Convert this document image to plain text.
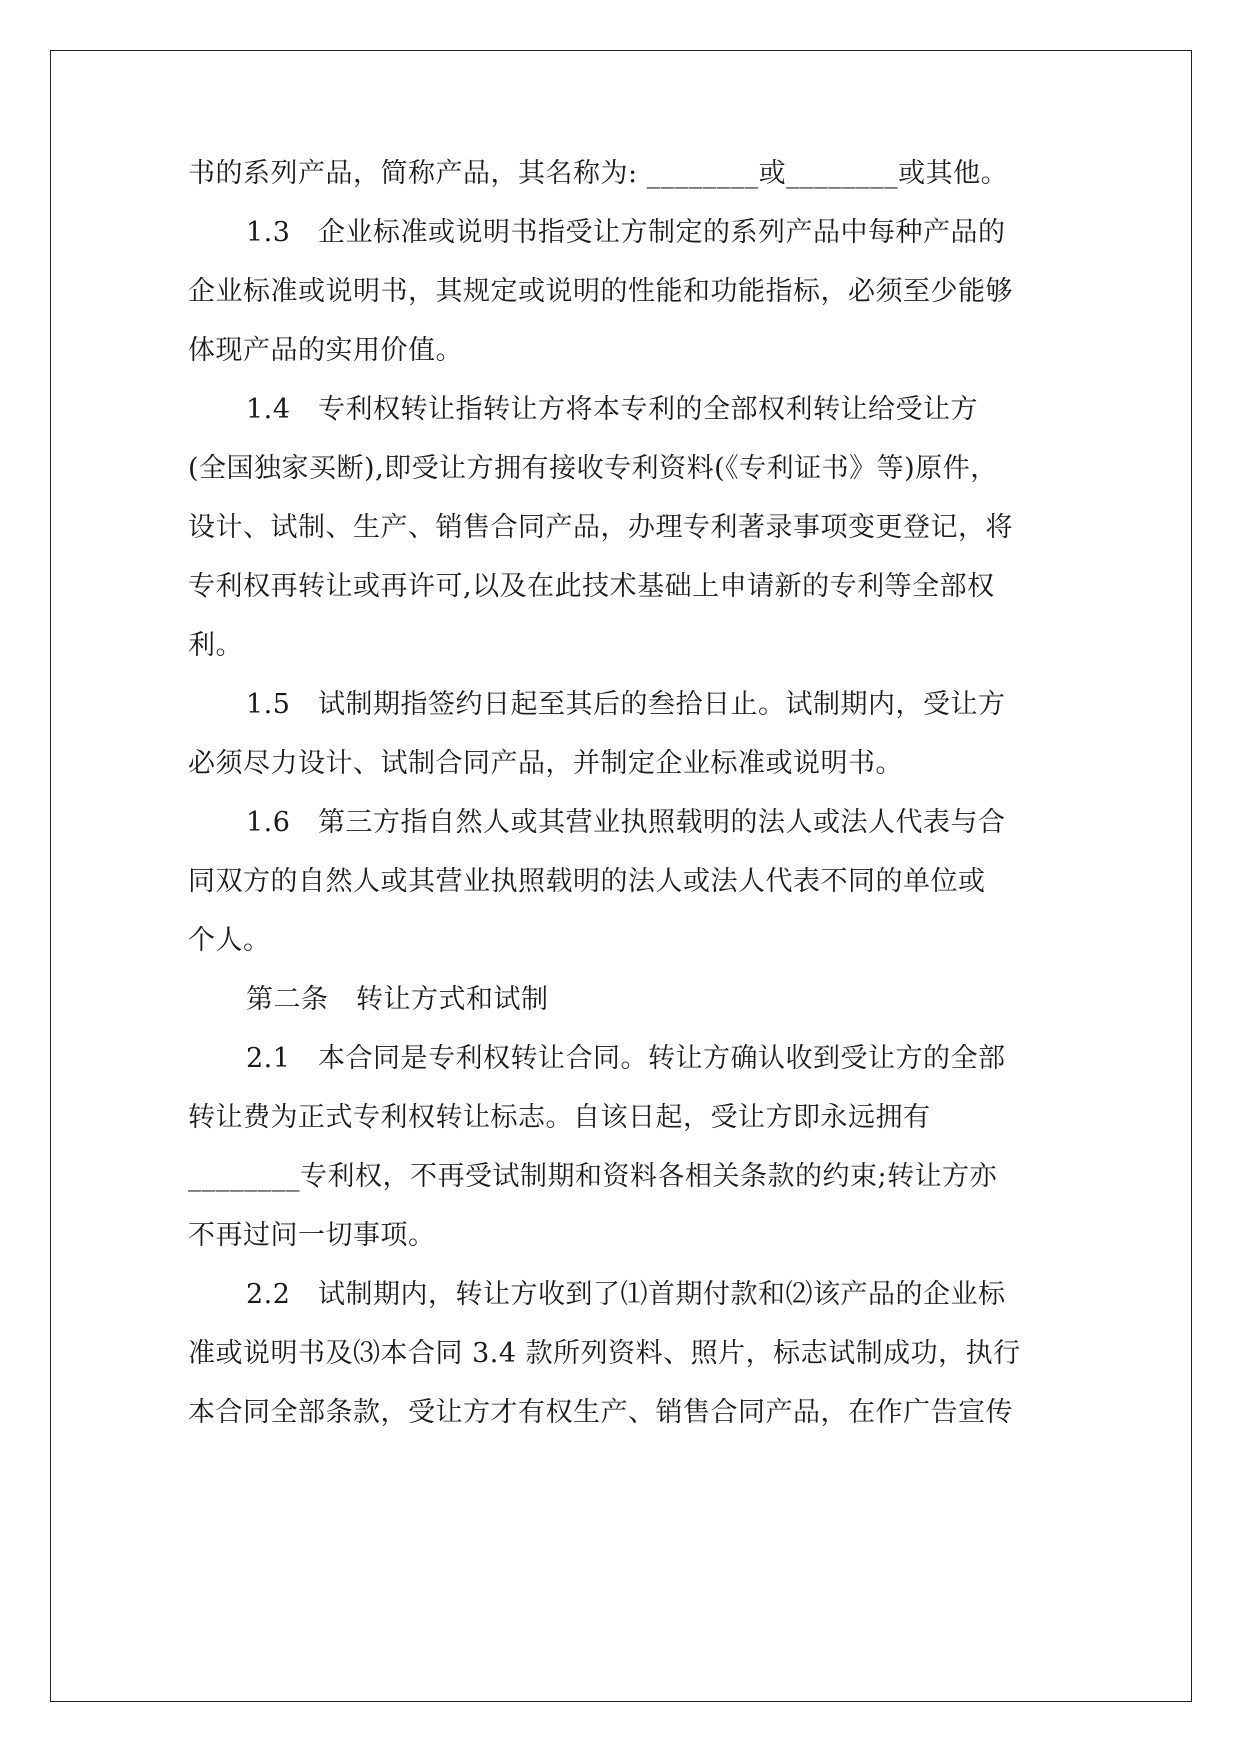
书的系列产品，简称产品，其名称为: ________或________或其他。
1.3　企业标准或说明书指受让方制定的系列产品中每种产品的
企业标准或说明书，其规定或说明的性能和功能指标，必须至少能够
体现产品的实用价值。
1.4　专利权转让指转让方将本专利的全部权利转让给受让方
(全国独家买断),即受让方拥有接收专利资料(《专利证书》等)原件，
设计、试制、生产、销售合同产品，办理专利著录事项变更登记，将
专利权再转让或再许可,以及在此技术基础上申请新的专利等全部权
利。
1.5　试制期指签约日起至其后的叁拾日止。试制期内，受让方
必须尽力设计、试制合同产品，并制定企业标准或说明书。
1.6　第三方指自然人或其营业执照载明的法人或法人代表与合
同双方的自然人或其营业执照载明的法人或法人代表不同的单位或
个人。
第二条　转让方式和试制
2.1　本合同是专利权转让合同。转让方确认收到受让方的全部
转让费为正式专利权转让标志。自该日起，受让方即永远拥有
________专利权，不再受试制期和资料各相关条款的约束;转让方亦
不再过问一切事项。
2.2　试制期内，转让方收到了⑴首期付款和⑵该产品的企业标
准或说明书及⑶本合同 3.4 款所列资料、照片，标志试制成功，执行
本合同全部条款，受让方才有权生产、销售合同产品，在作广告宣传
